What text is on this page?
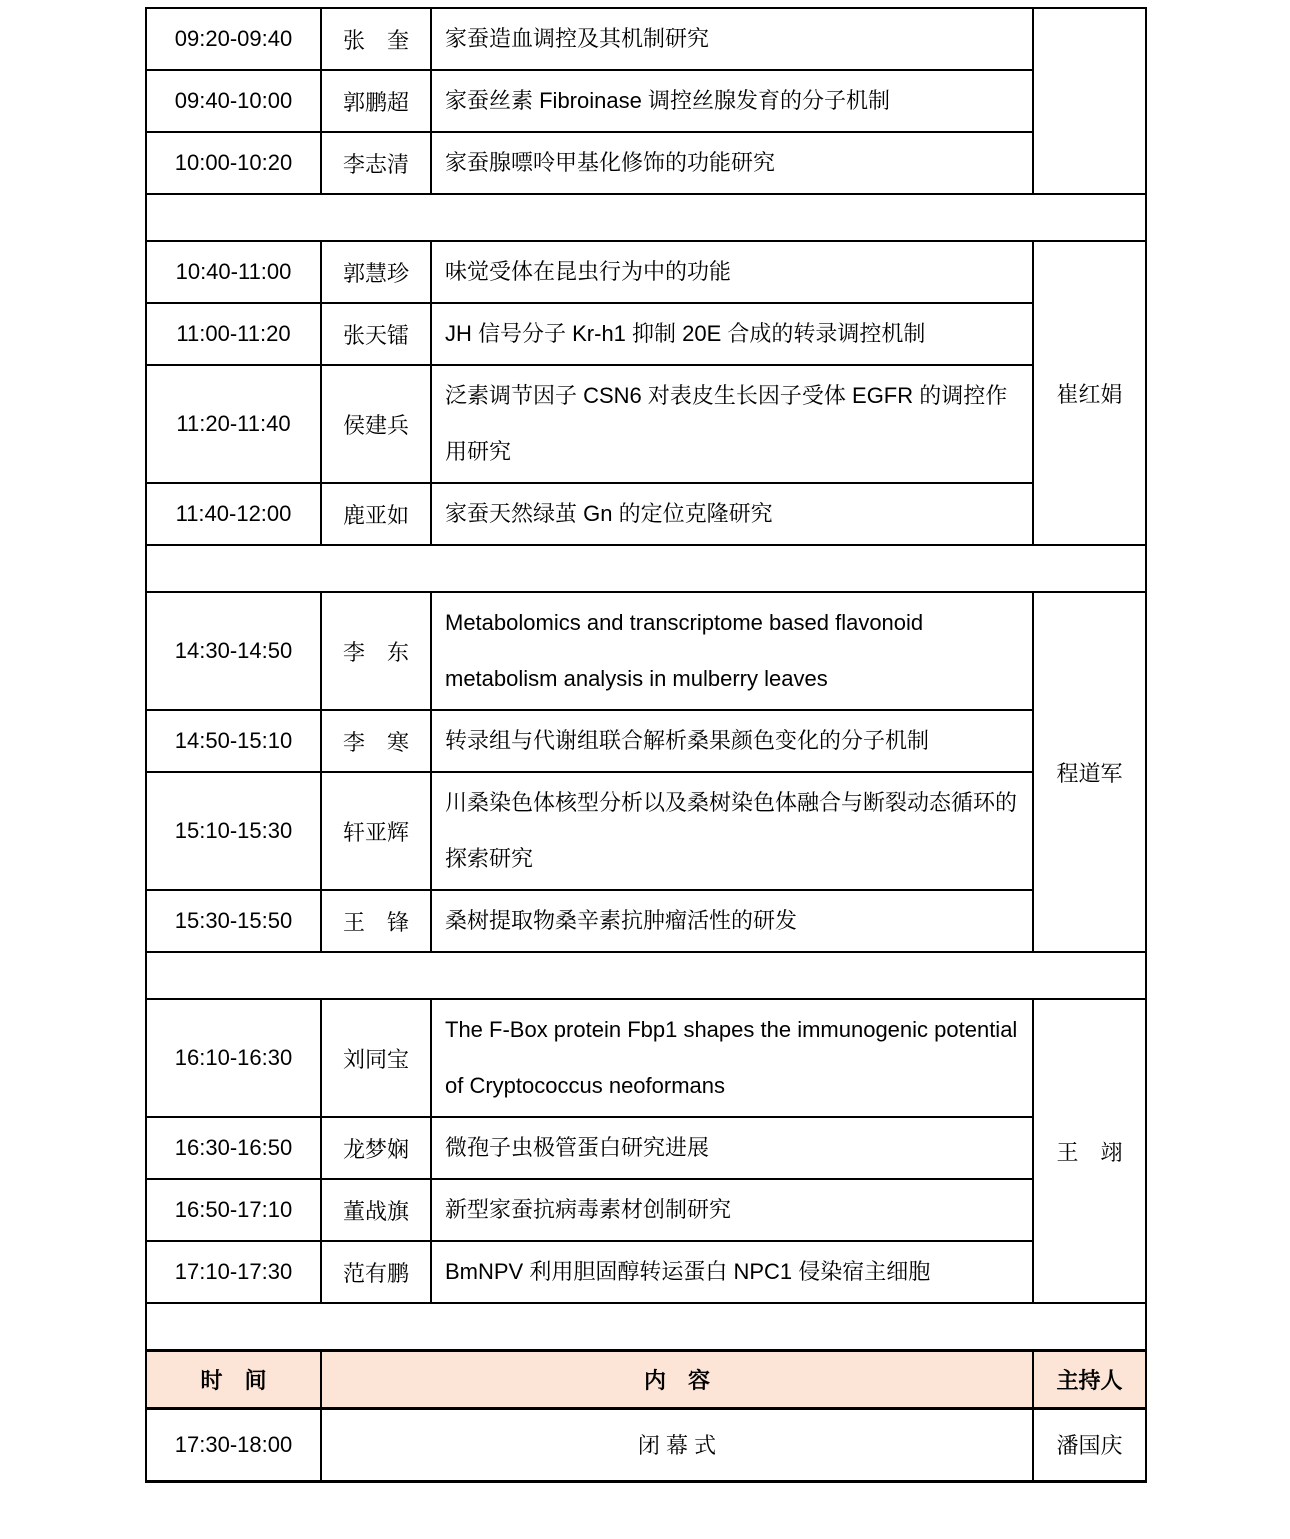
09:20-09:40	张　奎	家蚕造血调控及其机制研究	
09:40-10:00	郭鹏超	家蚕丝素 Fibroinase 调控丝腺发育的分子机制	
10:00-10:20	李志清	家蚕腺嘌呤甲基化修饰的功能研究	

10:40-11:00	郭慧珍	味觉受体在昆虫行为中的功能	崔红娟
11:00-11:20	张天镭	JH 信号分子 Kr-h1 抑制 20E 合成的转录调控机制	
11:20-11:40	侯建兵	泛素调节因子 CSN6 对表皮生长因子受体 EGFR 的调控作用研究	
11:40-12:00	鹿亚如	家蚕天然绿茧 Gn 的定位克隆研究	

14:30-14:50	李　东	Metabolomics and transcriptome based flavonoid metabolism analysis in mulberry leaves	程道军
14:50-15:10	李　寒	转录组与代谢组联合解析桑果颜色变化的分子机制	
15:10-15:30	轩亚辉	川桑染色体核型分析以及桑树染色体融合与断裂动态循环的探索研究	
15:30-15:50	王　锋	桑树提取物桑辛素抗肿瘤活性的研发	

16:10-16:30	刘同宝	The F-Box protein Fbp1 shapes the immunogenic potential of Cryptococcus neoformans	王　翊
16:30-16:50	龙梦娴	微孢子虫极管蛋白研究进展	
16:50-17:10	董战旗	新型家蚕抗病毒素材创制研究	
17:10-17:30	范有鹏	BmNPV 利用胆固醇转运蛋白 NPC1 侵染宿主细胞	

时　间	内　容		主持人
17:30-18:00	闭 幕 式		潘国庆
